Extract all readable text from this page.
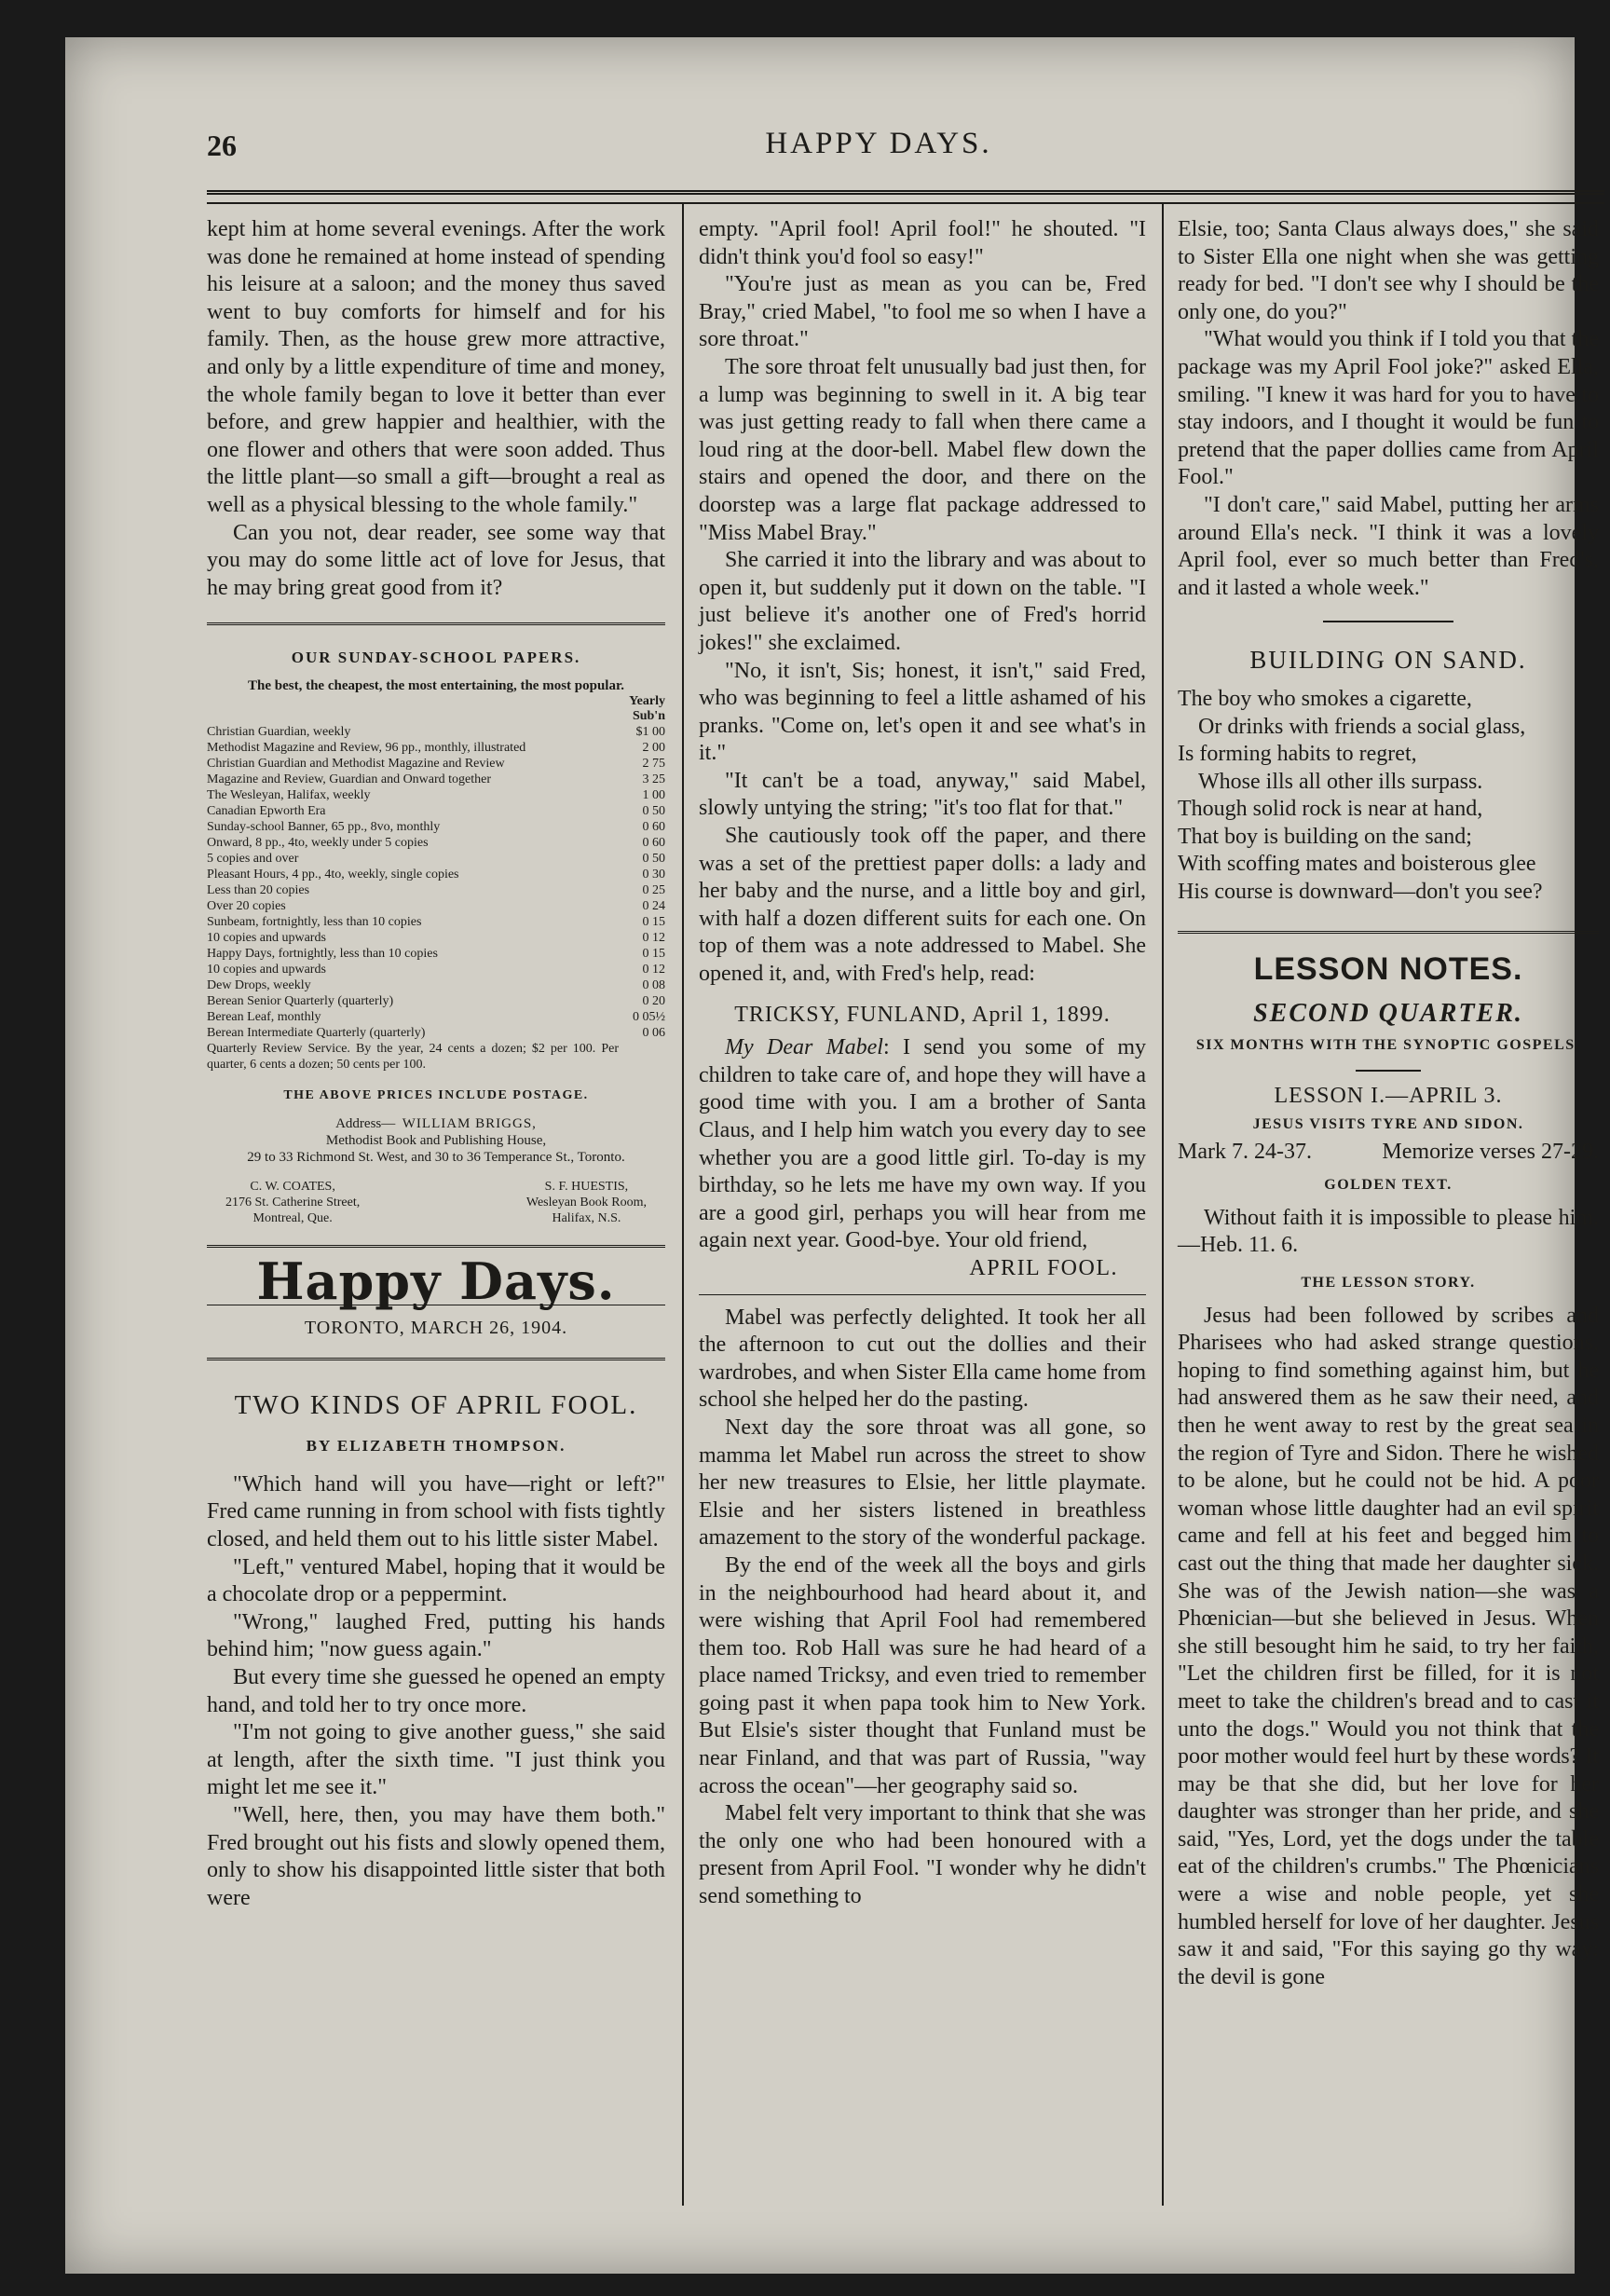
26	HAPPY DAYS.

kept him at home several evenings. After the work was done he remained at home instead of spending his leisure at a saloon; and the money thus saved went to buy comforts for himself and for his family. Then, as the house grew more attractive, and only by a little expenditure of time and money, the whole family began to love it better than ever before, and grew happier and healthier, with the one flower and others that were soon added. Thus the little plant—so small a gift—brought a real as well as a physical blessing to the whole family."

Can you not, dear reader, see some way that you may do some little act of love for Jesus, that he may bring great good from it?

OUR SUNDAY-SCHOOL PAPERS.
The best, the cheapest, the most entertaining, the most popular.
Yearly Sub'n
Christian Guardian, weekly	$1 00
Methodist Magazine and Review, 96 pp., monthly, illustrated	2 00
Christian Guardian and Methodist Magazine and Review	2 75
Magazine and Review, Guardian and Onward together	3 25
The Wesleyan, Halifax, weekly	1 00
Canadian Epworth Era	0 50
Sunday-school Banner, 65 pp., 8vo, monthly	0 60
Onward, 8 pp., 4to, weekly under 5 copies	0 60
5 copies and over	0 50
Pleasant Hours, 4 pp., 4to, weekly, single copies	0 30
Less than 20 copies	0 25
Over 20 copies	0 24
Sunbeam, fortnightly, less than 10 copies	0 15
10 copies and upwards	0 12
Happy Days, fortnightly, less than 10 copies	0 15
10 copies and upwards	0 12
Dew Drops, weekly	0 08
Berean Senior Quarterly (quarterly)	0 20
Berean Leaf, monthly	0 05½
Berean Intermediate Quarterly (quarterly)	0 06
Quarterly Review Service. By the year, 24 cents a dozen; $2 per 100. Per quarter, 6 cents a dozen; 50 cents per 100.	
THE ABOVE PRICES INCLUDE POSTAGE.
Address— WILLIAM BRIGGS,
Methodist Book and Publishing House,
29 to 33 Richmond St. West, and 30 to 36 Temperance St., Toronto.
C. W. COATES,
2176 St. Catherine Street,
Montreal, Que.
S. F. HUESTIS,
Wesleyan Book Room,
Halifax, N.S.
Happy Days.
TORONTO, MARCH 26, 1904.
TWO KINDS OF APRIL FOOL.
BY ELIZABETH THOMPSON.

"Which hand will you have—right or left?" Fred came running in from school with fists tightly closed, and held them out to his little sister Mabel.

"Left," ventured Mabel, hoping that it would be a chocolate drop or a peppermint.

"Wrong," laughed Fred, putting his hands behind him; "now guess again."

But every time she guessed he opened an empty hand, and told her to try once more.

"I'm not going to give another guess," she said at length, after the sixth time. "I just think you might let me see it."

"Well, here, then, you may have them both." Fred brought out his fists and slowly opened them, only to show his disappointed little sister that both were

empty. "April fool! April fool!" he shouted. "I didn't think you'd fool so easy!"

"You're just as mean as you can be, Fred Bray," cried Mabel, "to fool me so when I have a sore throat."

The sore throat felt unusually bad just then, for a lump was beginning to swell in it. A big tear was just getting ready to fall when there came a loud ring at the door-bell. Mabel flew down the stairs and opened the door, and there on the doorstep was a large flat package addressed to "Miss Mabel Bray."

She carried it into the library and was about to open it, but suddenly put it down on the table. "I just believe it's another one of Fred's horrid jokes!" she exclaimed.

"No, it isn't, Sis; honest, it isn't," said Fred, who was beginning to feel a little ashamed of his pranks. "Come on, let's open it and see what's in it."

"It can't be a toad, anyway," said Mabel, slowly untying the string; "it's too flat for that."

She cautiously took off the paper, and there was a set of the prettiest paper dolls: a lady and her baby and the nurse, and a little boy and girl, with half a dozen different suits for each one. On top of them was a note addressed to Mabel. She opened it, and, with Fred's help, read:

TRICKSY, FUNLAND, April 1, 1899.

My Dear Mabel: I send you some of my children to take care of, and hope they will have a good time with you. I am a brother of Santa Claus, and I help him watch you every day to see whether you are a good little girl. To-day is my birthday, so he lets me have my own way. If you are a good girl, perhaps you will hear from me again next year. Good-bye. Your old friend,

APRIL FOOL.

Mabel was perfectly delighted. It took her all the afternoon to cut out the dollies and their wardrobes, and when Sister Ella came home from school she helped her do the pasting.

Next day the sore throat was all gone, so mamma let Mabel run across the street to show her new treasures to Elsie, her little playmate. Elsie and her sisters listened in breathless amazement to the story of the wonderful package.

By the end of the week all the boys and girls in the neighbourhood had heard about it, and were wishing that April Fool had remembered them too. Rob Hall was sure he had heard of a place named Tricksy, and even tried to remember going past it when papa took him to New York. But Elsie's sister thought that Funland must be near Finland, and that was part of Russia, "way across the ocean"—her geography said so.

Mabel felt very important to think that she was the only one who had been honoured with a present from April Fool. "I wonder why he didn't send something to

Elsie, too; Santa Claus always does," she said to Sister Ella one night when she was getting ready for bed. "I don't see why I should be the only one, do you?"

"What would you think if I told you that the package was my April Fool joke?" asked Ella, smiling. "I knew it was hard for you to have to stay indoors, and I thought it would be fun to pretend that the paper dollies came from April Fool."

"I don't care," said Mabel, putting her arms around Ella's neck. "I think it was a lovely April fool, ever so much better than Fred's, and it lasted a whole week."

BUILDING ON SAND.

The boy who smokes a cigarette,

Or drinks with friends a social glass,

Is forming habits to regret,

Whose ills all other ills surpass.

Though solid rock is near at hand,

That boy is building on the sand;

With scoffing mates and boisterous glee

His course is downward—don't you see?

LESSON NOTES.
SECOND QUARTER.
SIX MONTHS WITH THE SYNOPTIC GOSPELS.
LESSON I.—APRIL 3.
JESUS VISITS TYRE AND SIDON.
Mark 7. 24-37.	Memorize verses 27-29.
GOLDEN TEXT.

Without faith it is impossible to please him.—Heb. 11. 6.

THE LESSON STORY.

Jesus had been followed by scribes and Pharisees who had asked strange questions, hoping to find something against him, but he had answered them as he saw their need, and then he went away to rest by the great sea in the region of Tyre and Sidon. There he wished to be alone, but he could not be hid. A poor woman whose little daughter had an evil spirit came and fell at his feet and begged him to cast out the thing that made her daughter sick. She was of the Jewish nation—she was a Phœnician—but she believed in Jesus. When she still besought him he said, to try her faith, "Let the children first be filled, for it is not meet to take the children's bread and to cast it unto the dogs." Would you not think that the poor mother would feel hurt by these words? It may be that she did, but her love for her daughter was stronger than her pride, and she said, "Yes, Lord, yet the dogs under the table eat of the children's crumbs." The Phœnicians were a wise and noble people, yet she humbled herself for love of her daughter. Jesus saw it and said, "For this saying go thy way: the devil is gone
